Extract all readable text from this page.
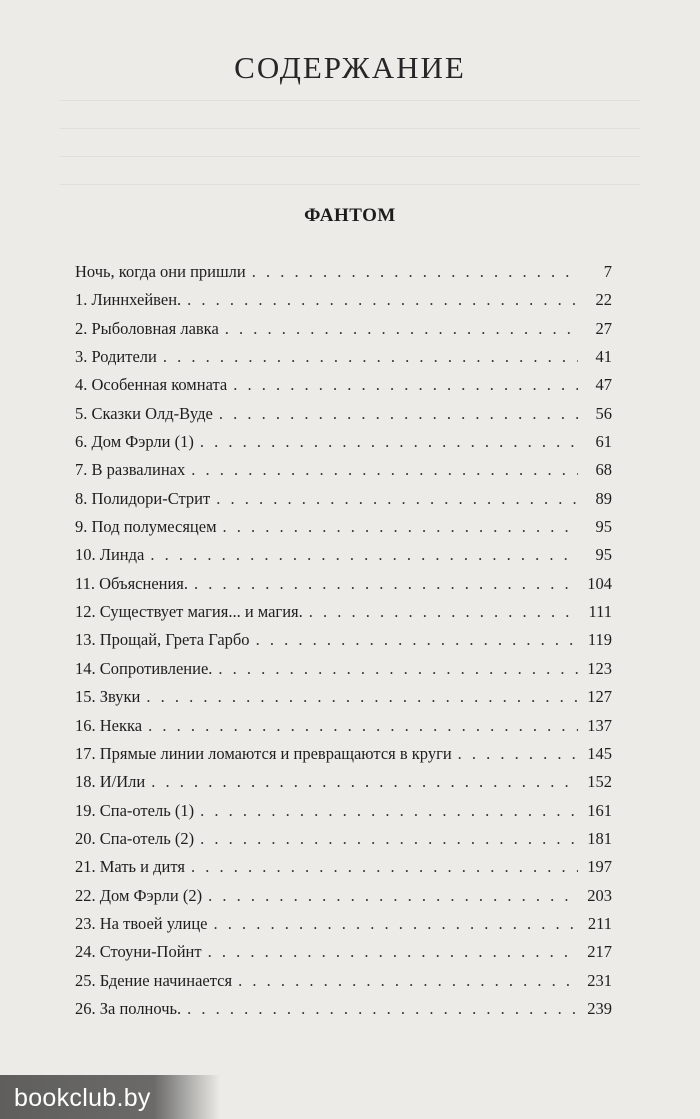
СОДЕРЖАНИЕ
ФАНТОМ
Ночь, когда они пришли . . .	7
1. Линнхейвен. . . .	22
2. Рыболовная лавка . . .	27
3. Родители . . .	41
4. Особенная комната . . .	47
5. Сказки Олд-Вуде . . .	56
6. Дом Фэрли (1) . . .	61
7. В развалинах . . .	68
8. Полидори-Стрит . . .	89
9. Под полумесяцем . . .	95
10. Линда . . .	95
11. Объяснения. . . .	104
12. Существует магия... и магия. . . .	111
13. Прощай, Грета Гарбо . . .	119
14. Сопротивление. . . .	123
15. Звуки . . .	127
16. Некка . . .	137
17. Прямые линии ломаются и превращаются в круги . . .	145
18. И/Или . . .	152
19. Спа-отель (1) . . .	161
20. Спа-отель (2) . . .	181
21. Мать и дитя . . .	197
22. Дом Фэрли (2) . . .	203
23. На твоей улице . . .	211
24. Стоуни-Пойнт . . .	217
25. Бдение начинается . . .	231
26. За полночь. . . .	239
bookclub.by
